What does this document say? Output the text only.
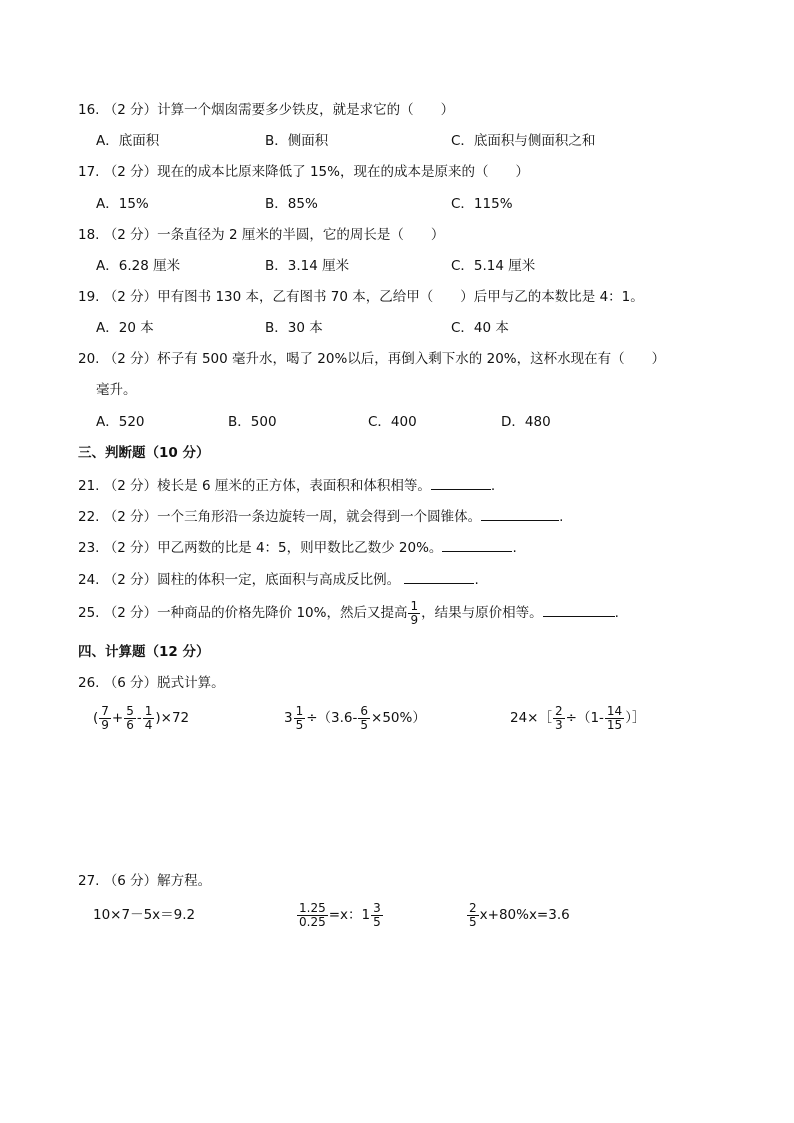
16. （2 分）计算一个烟囱需要多少铁皮，就是求它的（　　）
A．底面积	B．侧面积	C．底面积与侧面积之和
17. （2 分）现在的成本比原来降低了 15%，现在的成本是原来的（　　）
A．15%	B．85%	C．115%
18. （2 分）一条直径为 2 厘米的半圆，它的周长是（　　）
A．6.28 厘米	B．3.14 厘米	C．5.14 厘米
19. （2 分）甲有图书 130 本，乙有图书 70 本，乙给甲（　　）后甲与乙的本数比是 4：1。
A．20 本	B．30 本	C．40 本
20. （2 分）杯子有 500 毫升水，喝了 20%以后，再倒入剩下水的 20%，这杯水现在有（　　）
毫升。
A．520	B．500	C．400	D．480
三、判断题（10 分）
21. （2 分）棱长是 6 厘米的正方体，表面积和体积相等。	.
22. （2 分）一个三角形沿一条边旋转一周，就会得到一个圆锥体。	.
23. （2 分）甲乙两数的比是 4：5，则甲数比乙数少 20%。	.
24. （2 分）圆柱的体积一定，底面积与高成反比例。	.
25. （2 分）一种商品的价格先降价 10%，然后又提高 $\frac{1}{9}$ ，结果与原价相等。	.
四、计算题（12 分）
26. （6 分）脱式计算。
( $\frac{7}{9} + \frac{5}{6} - \frac{1}{4} )\times 72$	$3 \frac{1}{5} \div(3.6- \frac{6}{5} \times 50\%)$	24×［ $\frac{2}{3} \div(1- \frac{14}{15}$ ）］
27. （6 分）解方程。
10×7－5x＝9.2	$\frac{1.25}{0.25} =x$：$1 \frac{3}{5}$	$\frac{2}{5} x+80\%x=3.6$
